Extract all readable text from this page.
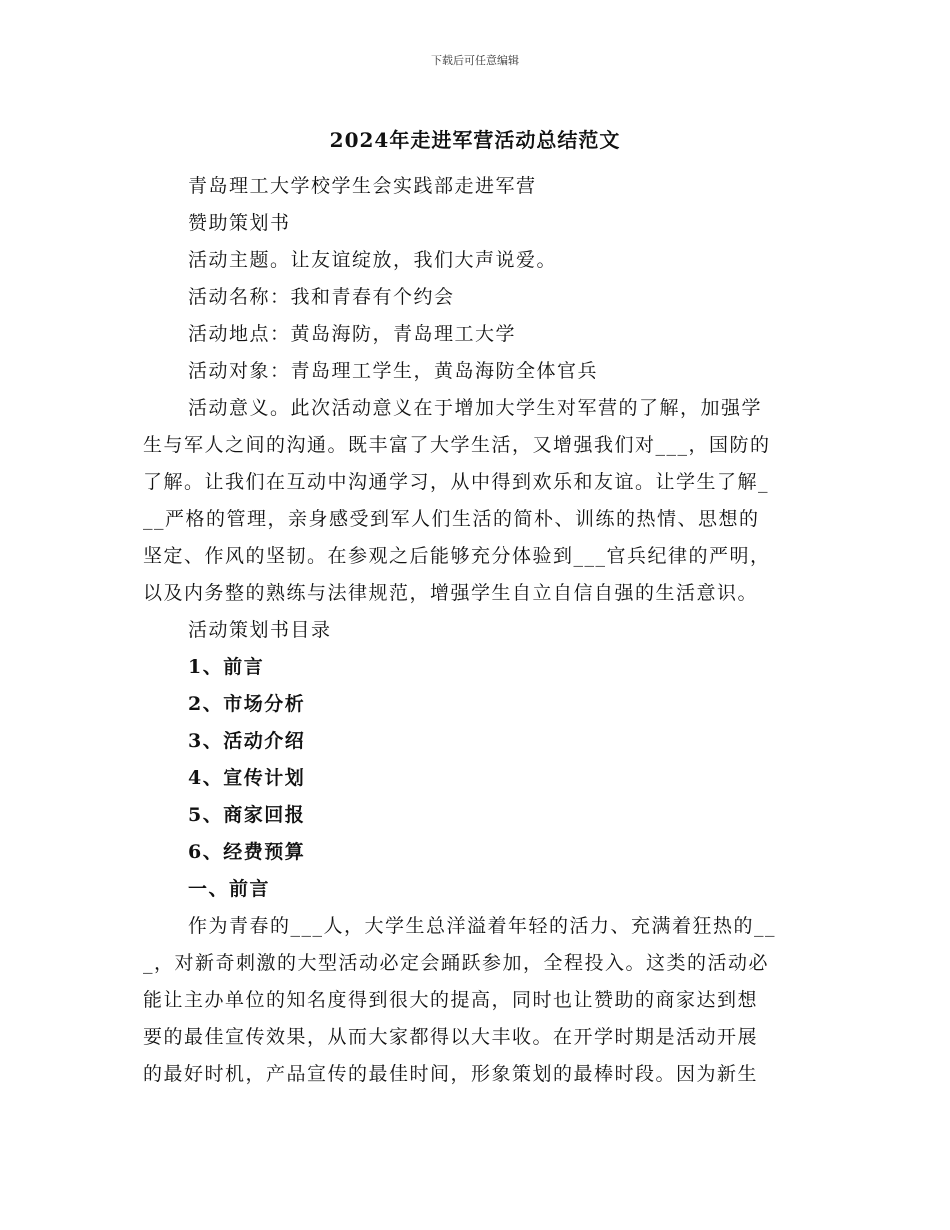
下载后可任意编辑
2024年走进军营活动总结范文
青岛理工大学校学生会实践部走进军营
赞助策划书
活动主题。让友谊绽放，我们大声说爱。
活动名称：我和青春有个约会
活动地点：黄岛海防，青岛理工大学
活动对象：青岛理工学生，黄岛海防全体官兵
活动意义。此次活动意义在于增加大学生对军营的了解，加强学
生与军人之间的沟通。既丰富了大学生活，又增强我们对___，国防的
了解。让我们在互动中沟通学习，从中得到欢乐和友谊。让学生了解_
__严格的管理，亲身感受到军人们生活的简朴、训练的热情、思想的
坚定、作风的坚韧。在参观之后能够充分体验到___官兵纪律的严明，
以及内务整的熟练与法律规范，增强学生自立自信自强的生活意识。
活动策划书目录
1、前言
2、市场分析
3、活动介绍
4、宣传计划
5、商家回报
6、经费预算
一、前言
作为青春的___人，大学生总洋溢着年轻的活力、充满着狂热的__
_，对新奇刺激的大型活动必定会踊跃参加，全程投入。这类的活动必
能让主办单位的知名度得到很大的提高，同时也让赞助的商家达到想
要的最佳宣传效果，从而大家都得以大丰收。在开学时期是活动开展
的最好时机，产品宣传的最佳时间，形象策划的最棒时段。因为新生
